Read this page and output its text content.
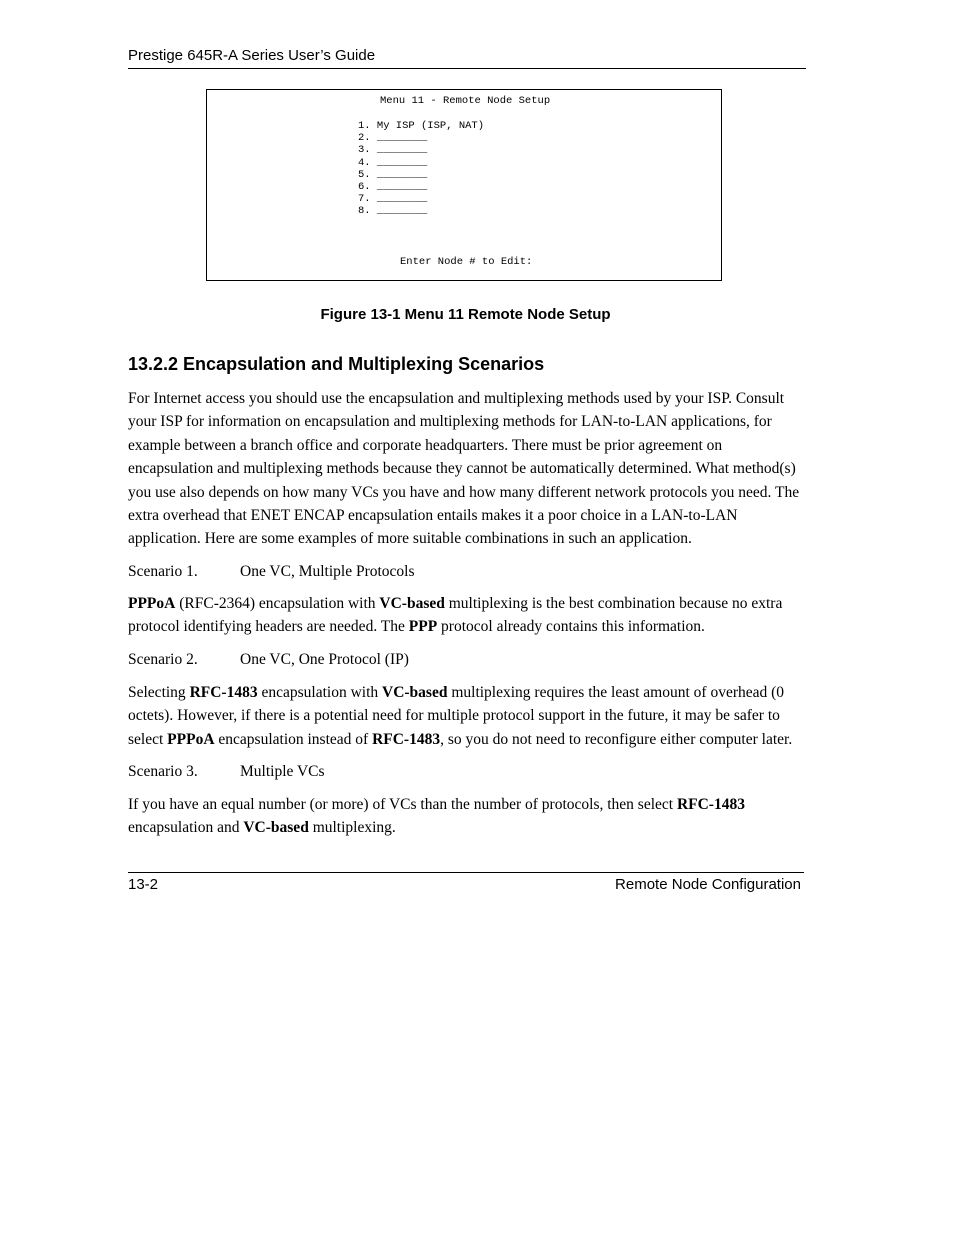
Prestige 645R-A Series User’s Guide
Menu 11 - Remote Node Setup
1. My ISP (ISP, NAT)
2. ________
3. ________
4. ________
5. ________
6. ________
7. ________
8. ________
Enter Node # to Edit:
Figure 13-1 Menu 11 Remote Node Setup
13.2.2 Encapsulation and Multiplexing Scenarios

For Internet access you should use the encapsulation and multiplexing methods used by your ISP. Consult your ISP for information on encapsulation and multiplexing methods for LAN-to-LAN applications, for example between a branch office and corporate headquarters. There must be prior agreement on encapsulation and multiplexing methods because they cannot be automatically determined. What method(s) you use also depends on how many VCs you have and how many different network protocols you need. The extra overhead that ENET ENCAP encapsulation entails makes it a poor choice in a LAN-to-LAN application. Here are some examples of more suitable combinations in such an application.

Scenario 1.	One VC, Multiple Protocols

PPPoA (RFC-2364) encapsulation with VC-based multiplexing is the best combination because no extra protocol identifying headers are needed. The PPP protocol already contains this information.

Scenario 2.	One VC, One Protocol (IP)

Selecting RFC-1483 encapsulation with VC-based multiplexing requires the least amount of overhead (0 octets). However, if there is a potential need for multiple protocol support in the future, it may be safer to select PPPoA encapsulation instead of RFC-1483, so you do not need to reconfigure either computer later.

Scenario 3.	Multiple VCs

If you have an equal number (or more) of VCs than the number of protocols, then select RFC-1483 encapsulation and VC-based multiplexing.

13-2	Remote Node Configuration
